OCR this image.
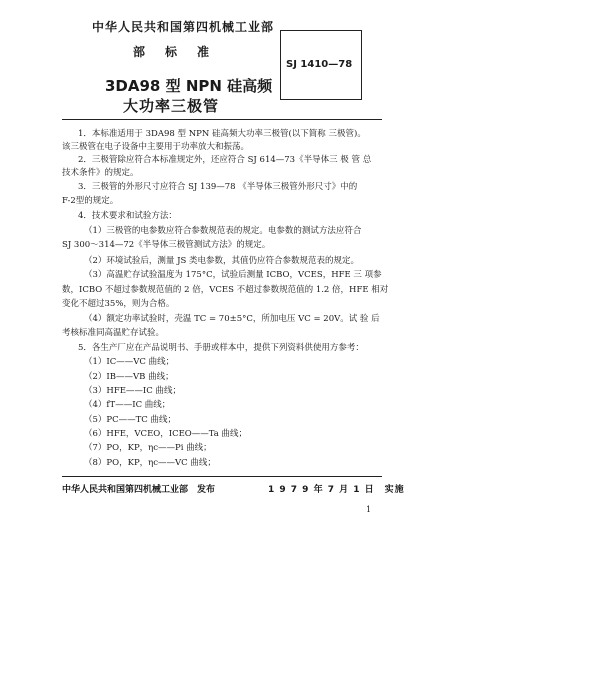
中华人民共和国第四机械工业部
部 标 准
SJ 1410—78
3DA98 型 NPN 硅高频
大功率三极管
1．本标准适用于 3DA98 型 NPN 硅高频大功率三极管(以下简称 三极管)。
该三极管在电子设备中主要用于功率放大和振荡。
2．三极管除应符合本标准规定外，还应符合 SJ 614—73《半导体三 极 管 总
技术条件》的规定。
3．三极管的外形尺寸应符合 SJ 139—78 《半导体三极管外形尺寸》中的
F-2型的规定。
4．技术要求和试验方法：
（1）三极管的电参数应符合参数规范表的规定。电参数的测试方法应符合
SJ 300～314—72《半导体三极管测试方法》的规定。
（2）环境试验后，测量 JS 类电参数，其值仍应符合参数规范表的规定。
（3）高温贮存试验温度为 175°C，试验后测量 ICBO，VCES，HFE 三 项参
数，ICBO 不超过参数规范值的 2 倍，VCES 不超过参数规范值的 1.2 倍，HFE 相对
变化不超过35%，则为合格。
（4）额定功率试验时，壳温 TC = 70±5°C，所加电压 VC = 20V。试 验 后
考核标准同高温贮存试验。
5．各生产厂应在产品说明书、手册或样本中，提供下列资料供使用方参考：
（1）IC——VC 曲线；
（2）IB——VB 曲线；
（3）HFE——IC 曲线；
（4）fT——IC 曲线；
（5）PC——TC 曲线；
（6）HFE，VCEO，ICEO——Ta 曲线；
（7）PO，KP，ηc——Pi 曲线；
（8）PO，KP，ηc——VC 曲线；
中华人民共和国第四机械工业部　发布	1 9 7 9 年 7 月 1 日　实施
1
